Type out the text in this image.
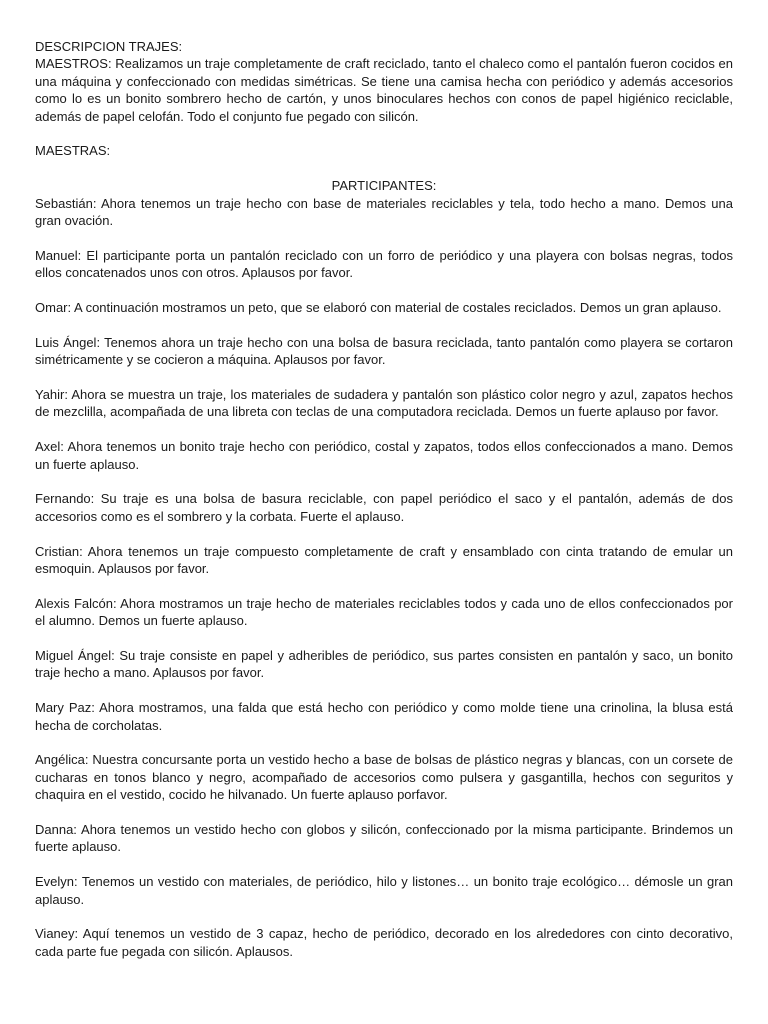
DESCRIPCION TRAJES:

MAESTROS: Realizamos un traje completamente de craft reciclado, tanto el chaleco como el pantalón fueron cocidos en una máquina y confeccionado con medidas simétricas. Se tiene una camisa hecha con periódico y además accesorios como lo es un bonito sombrero hecho de cartón, y unos binoculares hechos con conos de papel higiénico reciclable, además de papel celofán. Todo el conjunto fue pegado con silicón.

MAESTRAS:

PARTICIPANTES:

Sebastián: Ahora tenemos un traje hecho con base de materiales reciclables y tela, todo hecho a mano. Demos una gran ovación.

Manuel: El participante porta un pantalón reciclado con un forro de periódico y una playera con bolsas negras, todos ellos concatenados unos con otros. Aplausos por favor.

Omar: A continuación mostramos un peto, que se elaboró con material de costales reciclados. Demos un gran aplauso.

Luis Ángel: Tenemos ahora un traje hecho con una bolsa de basura reciclada, tanto pantalón como playera se cortaron simétricamente y se cocieron a máquina. Aplausos por favor.

Yahir: Ahora se muestra un traje, los materiales de sudadera y pantalón son plástico color negro y azul, zapatos hechos de mezclilla, acompañada de una libreta con teclas de una computadora reciclada. Demos un fuerte aplauso por favor.

Axel: Ahora tenemos un bonito traje hecho con periódico, costal y zapatos, todos ellos confeccionados a mano. Demos un fuerte aplauso.

Fernando: Su traje es una bolsa de basura reciclable, con papel periódico el saco y el pantalón, además de dos accesorios como es el sombrero y la corbata. Fuerte el aplauso.

Cristian: Ahora tenemos un traje compuesto completamente de craft y ensamblado con cinta tratando de emular un esmoquin. Aplausos por favor.

Alexis Falcón: Ahora mostramos un traje hecho de materiales reciclables todos y cada uno de ellos confeccionados por el alumno. Demos un fuerte aplauso.

Miguel Ángel: Su traje consiste en papel y adheribles de periódico, sus partes consisten en pantalón y saco, un bonito traje hecho a mano. Aplausos por favor.

Mary Paz: Ahora mostramos, una falda que está hecho con periódico y como molde tiene una crinolina, la blusa está hecha de corcholatas.

Angélica: Nuestra concursante porta un vestido hecho a base de bolsas de plástico negras y blancas, con un corsete de cucharas en tonos blanco y negro, acompañado de accesorios como pulsera y gasgantilla, hechos con seguritos y chaquira en el vestido, cocido he hilvanado. Un fuerte aplauso porfavor.

Danna: Ahora tenemos un vestido hecho con globos y silicón, confeccionado por la misma participante. Brindemos un fuerte aplauso.

Evelyn: Tenemos un vestido con materiales, de periódico, hilo y listones… un bonito traje ecológico… démosle un gran aplauso.

Vianey: Aquí tenemos un vestido de 3 capaz, hecho de periódico, decorado en los alrededores con cinto decorativo, cada parte fue pegada con silicón. Aplausos.
